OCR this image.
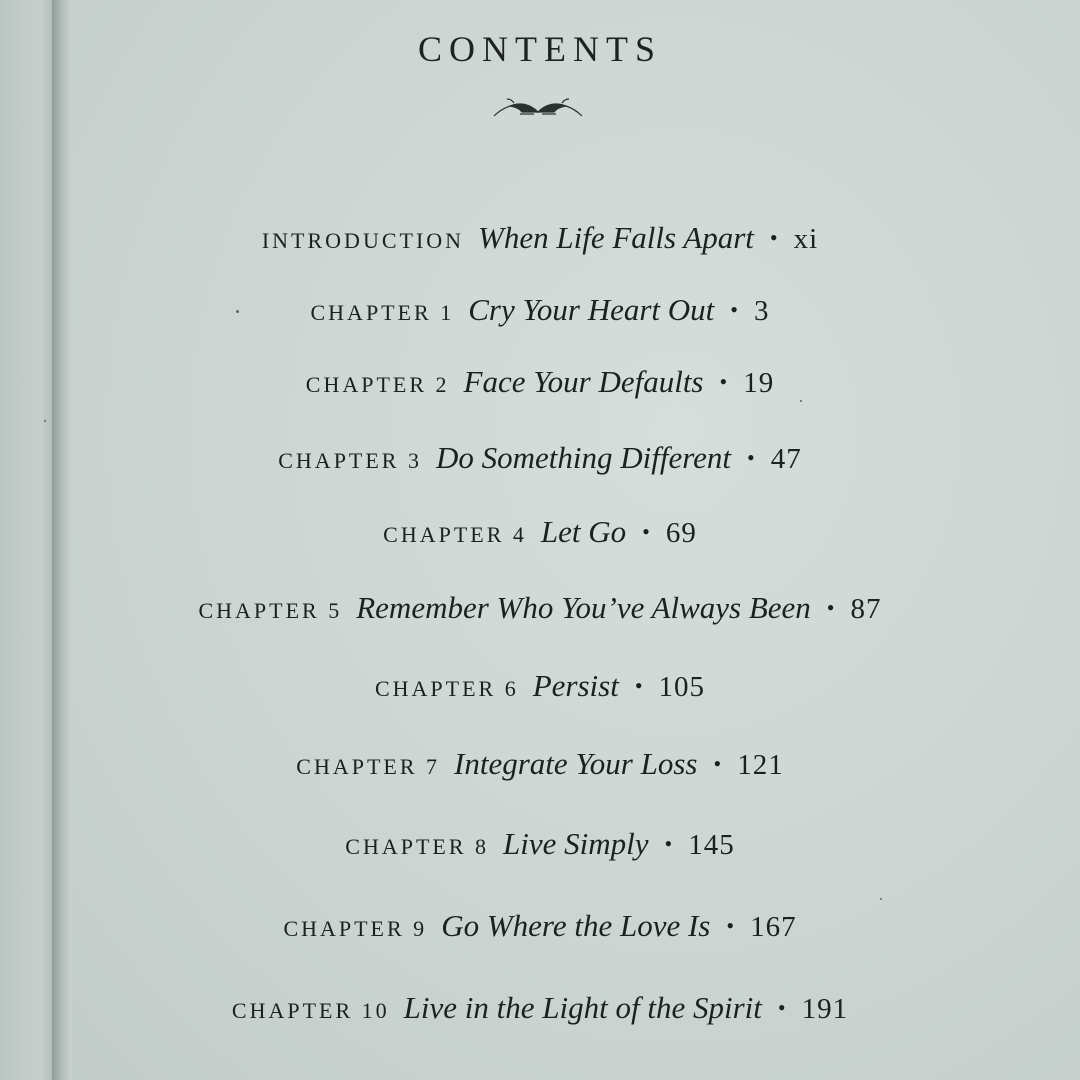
CONTENTS
INTRODUCTION When Life Falls Apart • xi
CHAPTER 1 Cry Your Heart Out • 3
CHAPTER 2 Face Your Defaults • 19
CHAPTER 3 Do Something Different • 47
CHAPTER 4 Let Go • 69
CHAPTER 5 Remember Who You’ve Always Been • 87
CHAPTER 6 Persist • 105
CHAPTER 7 Integrate Your Loss • 121
CHAPTER 8 Live Simply • 145
CHAPTER 9 Go Where the Love Is • 167
CHAPTER 10 Live in the Light of the Spirit • 191
